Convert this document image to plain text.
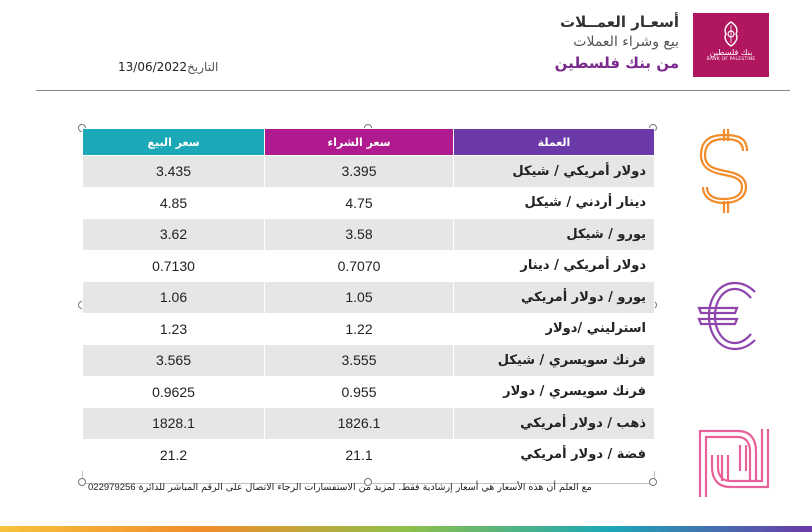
بنك فلسطين
BANK OF PALESTINE
أسعـار العمــلات
بيع وشراء العملات
من بنك فلسطين
13/06/2022التاريخ
سعر البيع	سعر الشراء	العملة
3.435	3.395	دولار أمريكي / شيكل
4.85	4.75	دينار أردني / شيكل
3.62	3.58	يورو / شيكل
0.7130	0.7070	دولار أمريكي / دينار
1.06	1.05	يورو / دولار أمريكي
1.23	1.22	استرليني /دولار
3.565	3.555	فرنك سويسري / شيكل
0.9625	0.955	فرنك سويسري / دولار
1828.1	1826.1	ذهب / دولار أمريكي
21.2	21.1	فضة / دولار أمريكي
022979256 مع العلم أن هذه الأسعار هي أسعار إرشادية فقط. لمزيد من الاستفسارات الرجاء الاتصال على الرقم المباشر للدائرة
